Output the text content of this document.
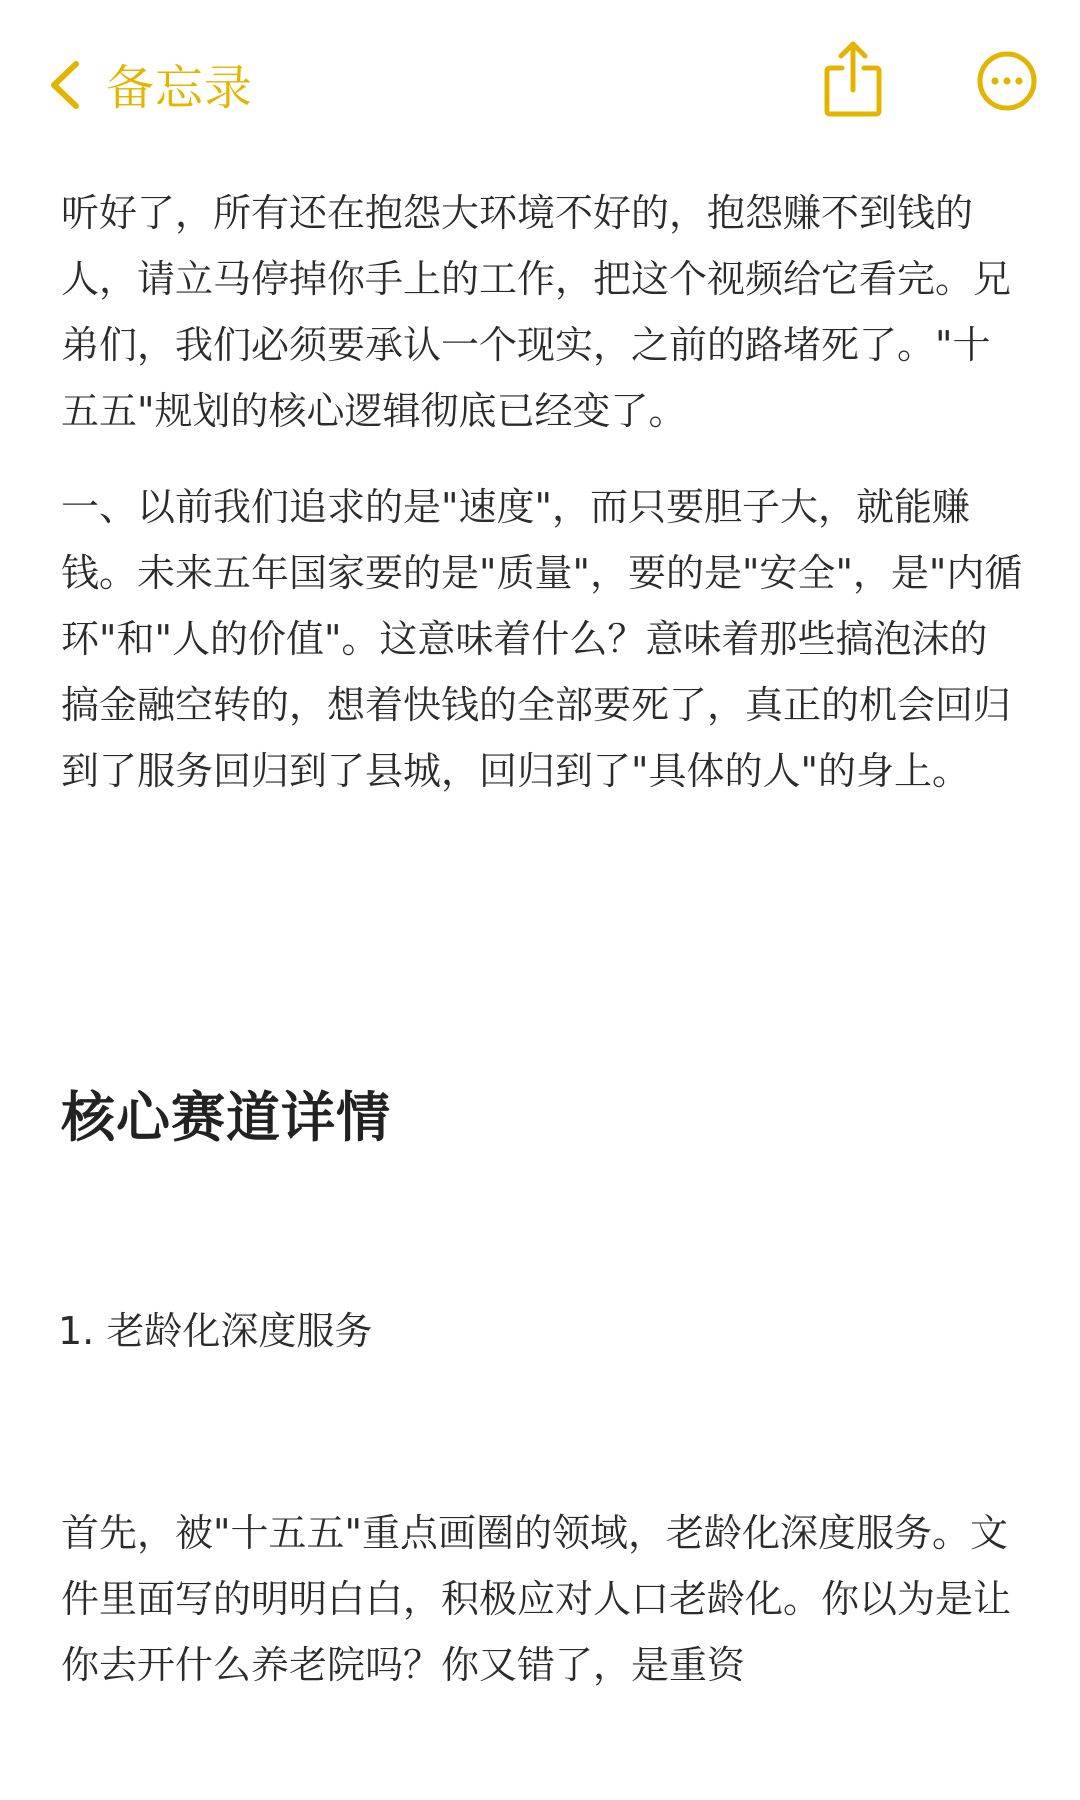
备忘录

听好了，所有还在抱怨大环境不好的，抱怨赚不到钱的人，请立马停掉你手上的工作，把这个视频给它看完。兄弟们，我们必须要承认一个现实，之前的路堵死了。"十五五"规划的核心逻辑彻底已经变了。

一、以前我们追求的是"速度"，而只要胆子大，就能赚钱。未来五年国家要的是"质量"，要的是"安全"，是"内循环"和"人的价值"。这意味着什么？意味着那些搞泡沫的搞金融空转的，想着快钱的全部要死了，真正的机会回归到了服务回归到了县城，回归到了"具体的人"的身上。

核心赛道详情

1. 老龄化深度服务

首先，被"十五五"重点画圈的领域，老龄化深度服务。文件里面写的明明白白，积极应对人口老龄化。你以为是让你去开什么养老院吗？你又错了，是重资
